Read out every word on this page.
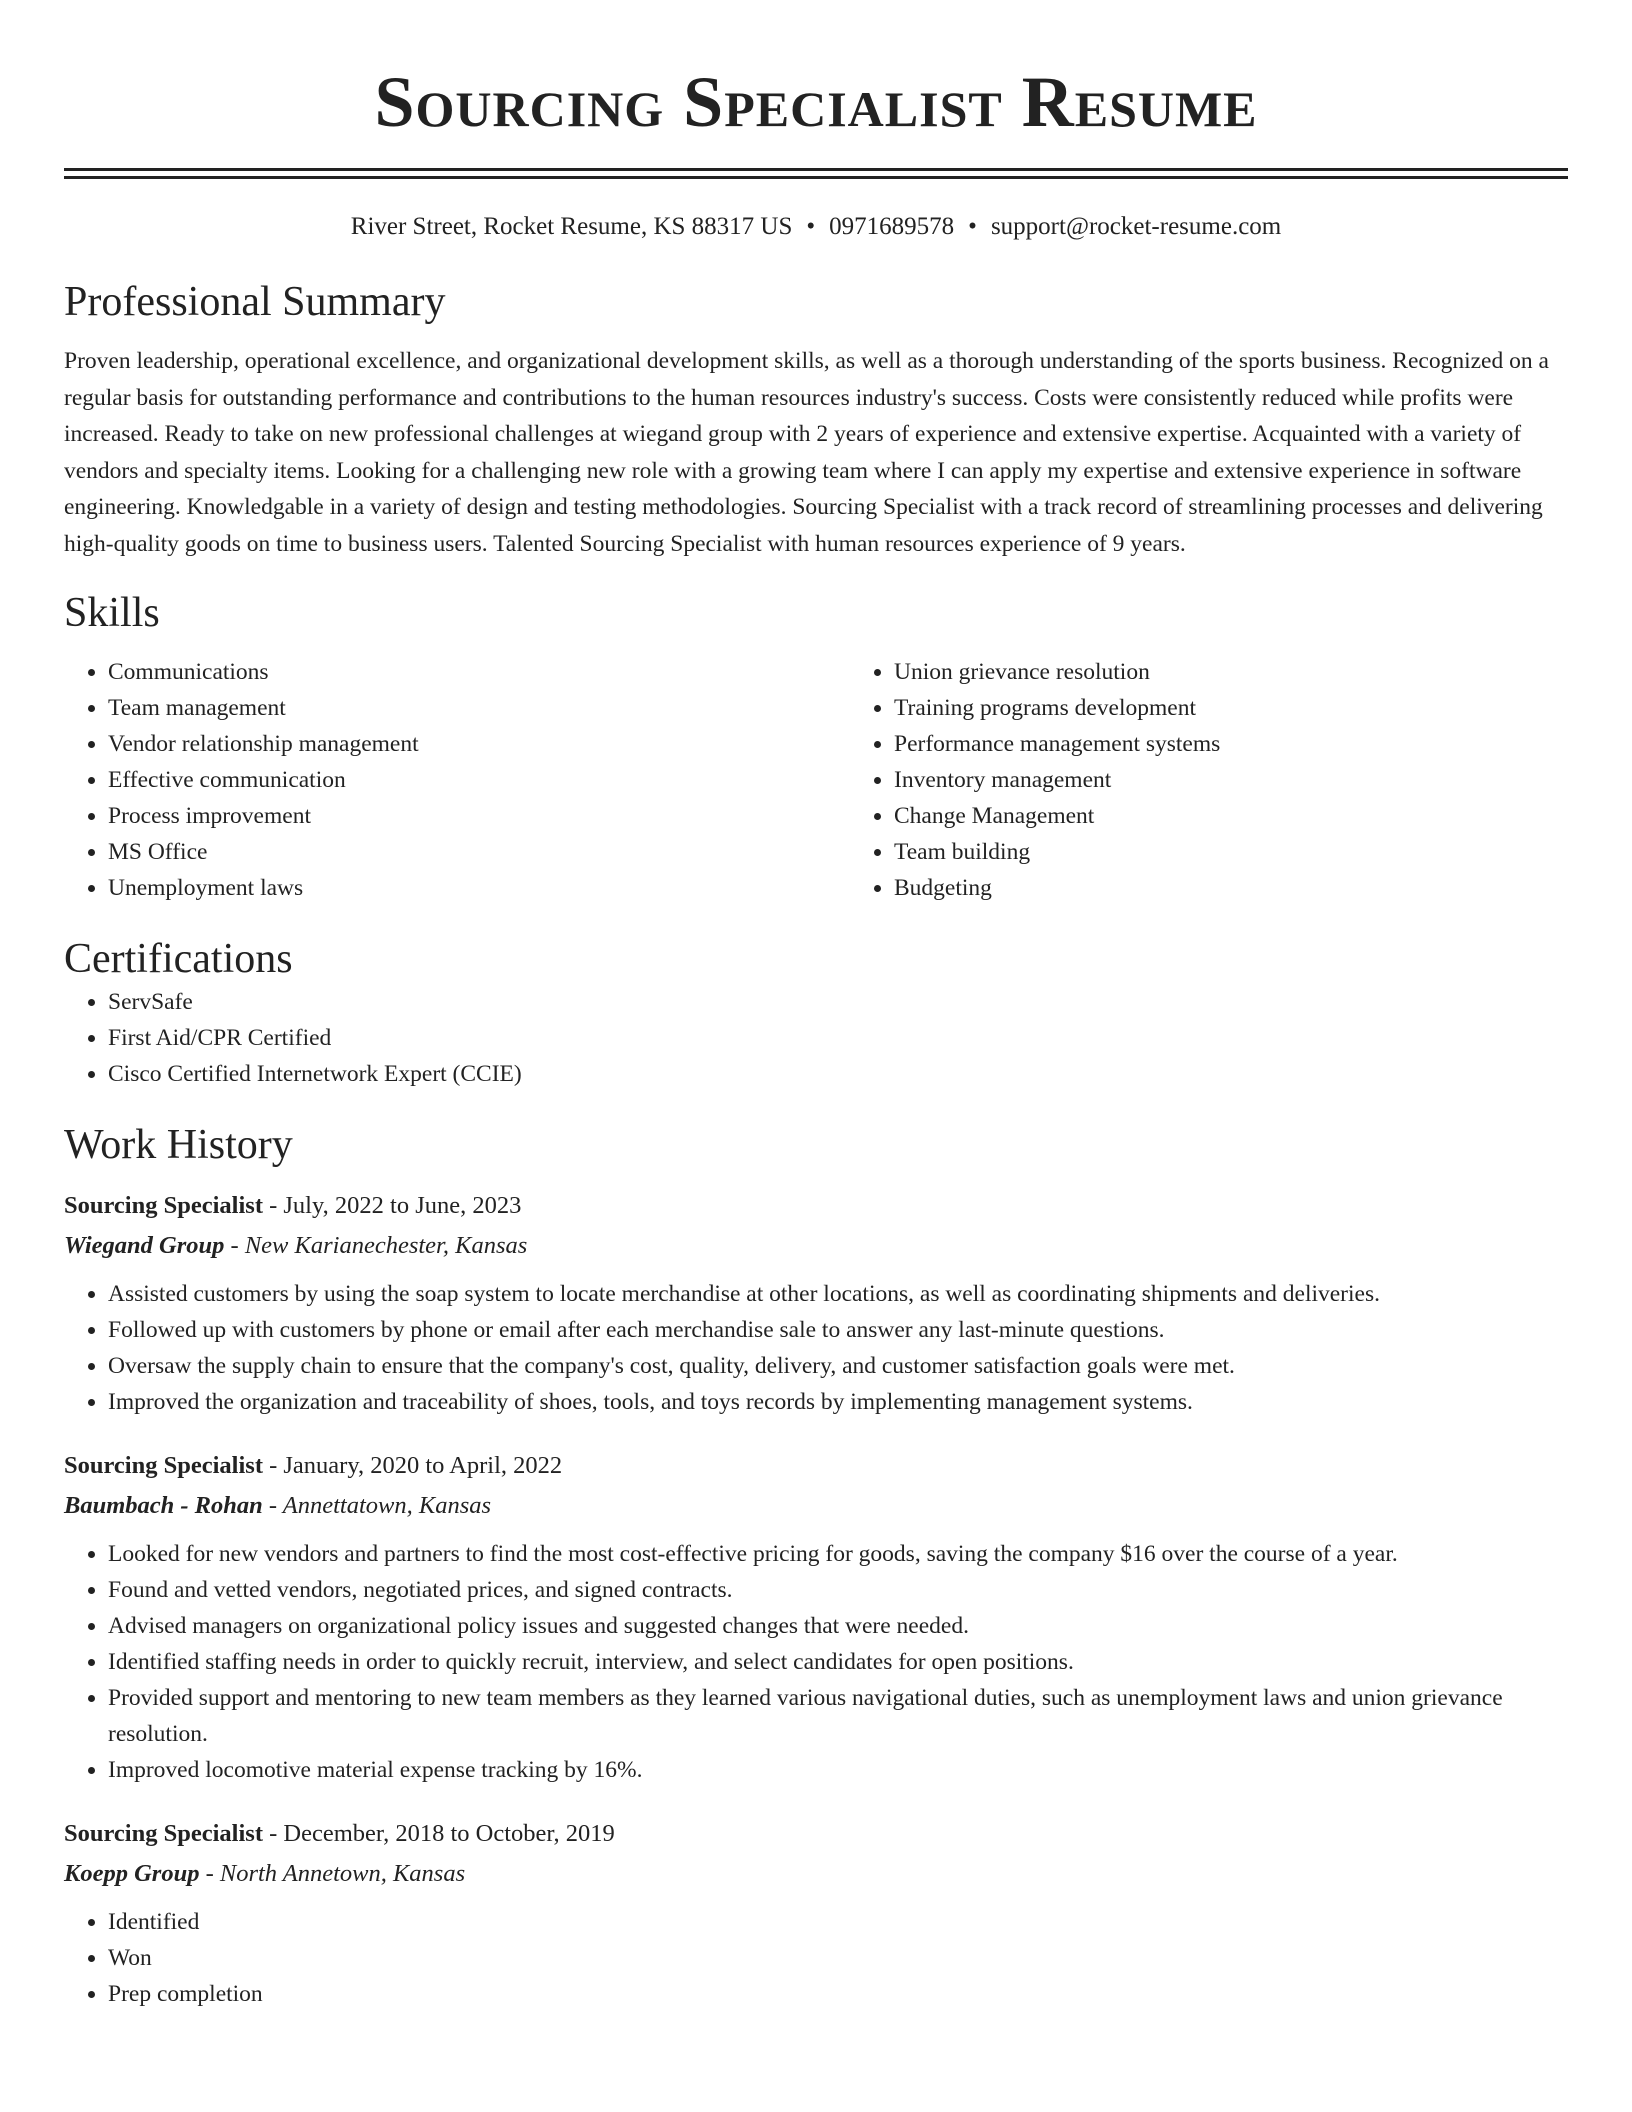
Sourcing Specialist Resume
River Street, Rocket Resume, KS 88317 US • 0971689578 • support@rocket-resume.com
Professional Summary
Proven leadership, operational excellence, and organizational development skills, as well as a thorough understanding of the sports business. Recognized on a regular basis for outstanding performance and contributions to the human resources industry's success. Costs were consistently reduced while profits were increased. Ready to take on new professional challenges at wiegand group with 2 years of experience and extensive expertise. Acquainted with a variety of vendors and specialty items. Looking for a challenging new role with a growing team where I can apply my expertise and extensive experience in software engineering. Knowledgable in a variety of design and testing methodologies. Sourcing Specialist with a track record of streamlining processes and delivering high-quality goods on time to business users. Talented Sourcing Specialist with human resources experience of 9 years.
Skills
• Communications
• Team management
• Vendor relationship management
• Effective communication
• Process improvement
• MS Office
• Unemployment laws
• Union grievance resolution
• Training programs development
• Performance management systems
• Inventory management
• Change Management
• Team building
• Budgeting
Certifications
• ServSafe
• First Aid/CPR Certified
• Cisco Certified Internetwork Expert (CCIE)
Work History
Sourcing Specialist - July, 2022 to June, 2023
Wiegand Group - New Karianechester, Kansas
• Assisted customers by using the soap system to locate merchandise at other locations, as well as coordinating shipments and deliveries.
• Followed up with customers by phone or email after each merchandise sale to answer any last-minute questions.
• Oversaw the supply chain to ensure that the company's cost, quality, delivery, and customer satisfaction goals were met.
• Improved the organization and traceability of shoes, tools, and toys records by implementing management systems.
Sourcing Specialist - January, 2020 to April, 2022
Baumbach - Rohan - Annettatown, Kansas
• Looked for new vendors and partners to find the most cost-effective pricing for goods, saving the company $16 over the course of a year.
• Found and vetted vendors, negotiated prices, and signed contracts.
• Advised managers on organizational policy issues and suggested changes that were needed.
• Identified staffing needs in order to quickly recruit, interview, and select candidates for open positions.
• Provided support and mentoring to new team members as they learned various navigational duties, such as unemployment laws and union grievance resolution.
• Improved locomotive material expense tracking by 16%.
Sourcing Specialist - December, 2018 to October, 2019
Koepp Group - North Annetown, Kansas
• Identified
• Won
• Prep completion
